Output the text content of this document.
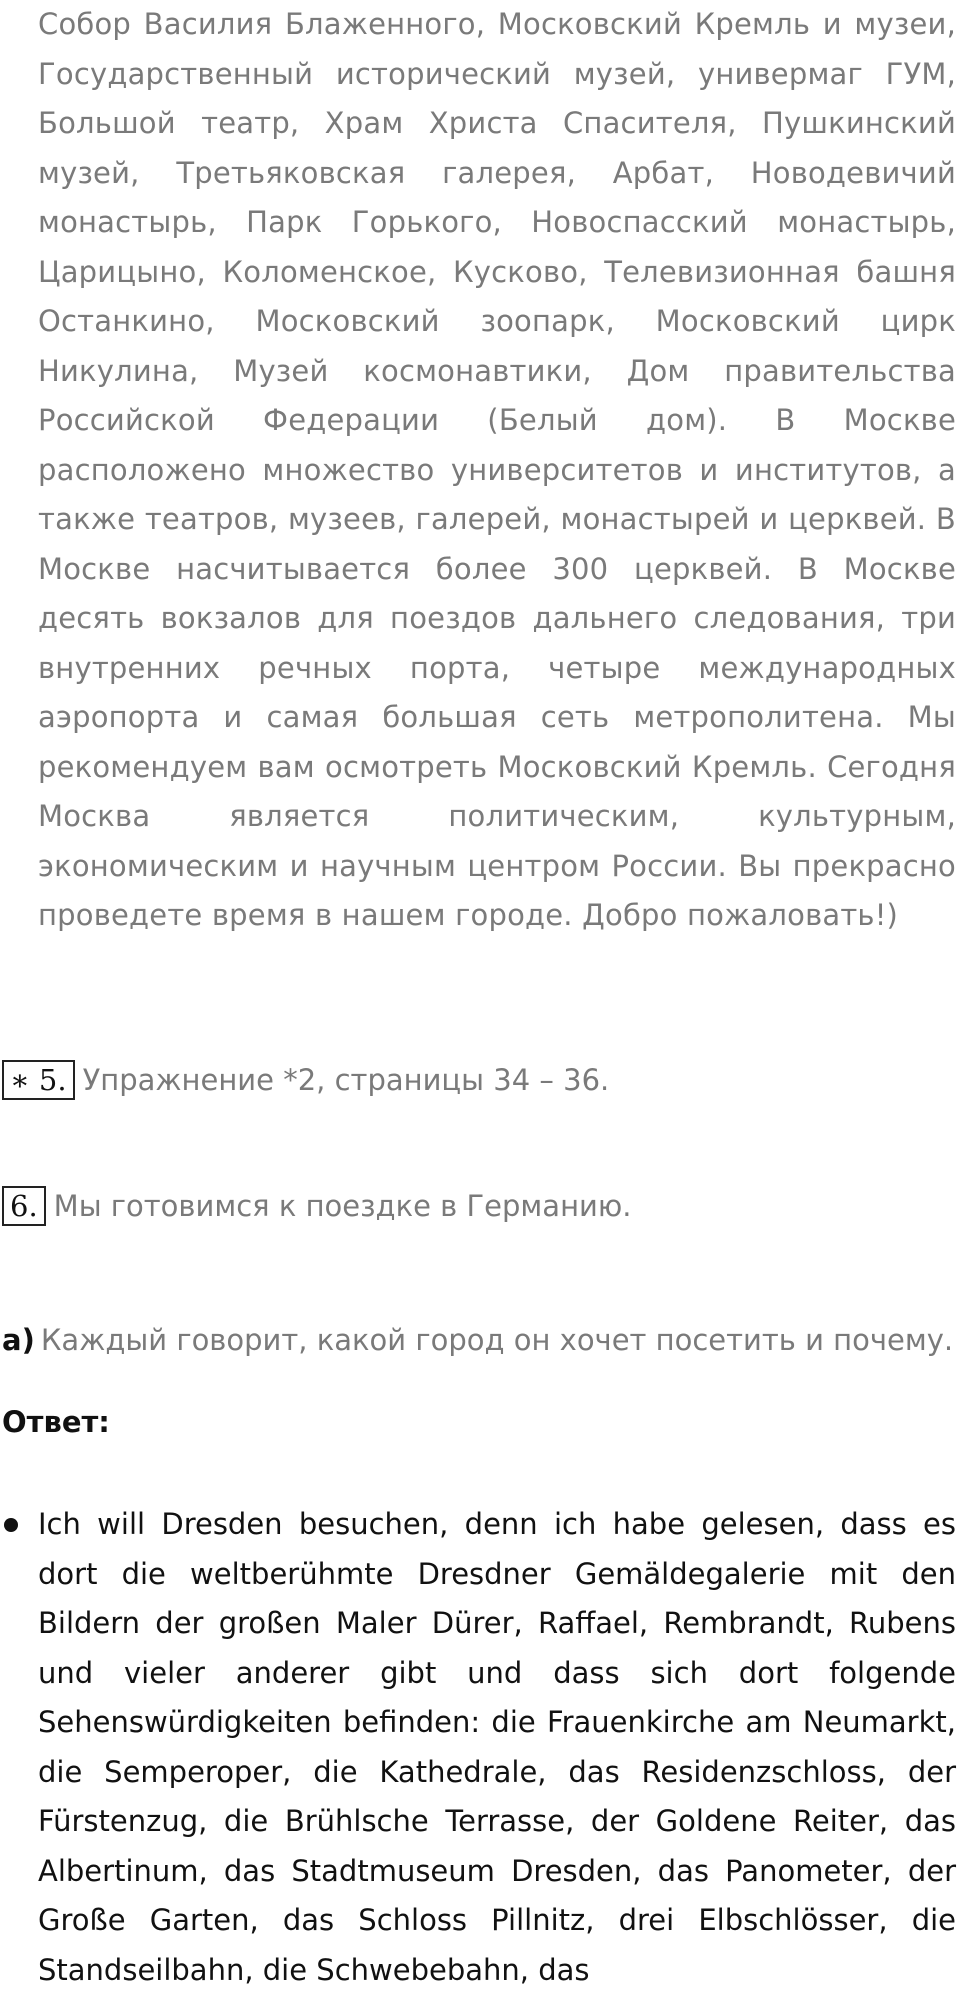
Собор Василия Блаженного, Московский Кремль и музеи, Государственный исторический музей, универмаг ГУМ, Большой театр, Храм Христа Спасителя, Пушкинский музей, Третьяковская галерея, Арбат, Новодевичий монастырь, Парк Горького, Новоспасский монастырь, Царицыно, Коломенское, Кусково, Телевизионная башня Останкино, Московский зоопарк, Московский цирк Никулина, Музей космонавтики, Дом правительства Российской Федерации (Белый дом). В Москве расположено множество университетов и институтов, а также театров, музеев, галерей, монастырей и церквей. В Москве насчитывается более 300 церквей. В Москве десять вокзалов для поездов дальнего следования, три внутренних речных порта, четыре международных аэропорта и самая большая сеть метрополитена. Мы рекомендуем вам осмотреть Московский Кремль. Сегодня Москва является политическим, культурным, экономическим и научным центром России. Вы прекрасно проведете время в нашем городе. Добро пожаловать!)

∗ 5. Упражнение *2, страницы 34 – 36.
6. Мы готовимся к поездке в Германию.
а) Каждый говорит, какой город он хочет посетить и почему.
Ответ:
Ich will Dresden besuchen, denn ich habe gelesen, dass es dort die weltberühmte Dresdner Gemäldegalerie mit den Bildern der großen Maler Dürer, Raffael, Rembrandt, Rubens und vieler anderer gibt und dass sich dort folgende Sehenswürdigkeiten befinden: die Frauenkirche am Neumarkt, die Semperoper, die Kathedrale, das Residenzschloss, der Fürstenzug, die Brühlsche Terrasse, der Goldene Reiter, das Albertinum, das Stadtmuseum Dresden, das Panometer, der Große Garten, das Schloss Pillnitz, drei Elbschlösser, die Standseilbahn, die Schwebebahn, das
